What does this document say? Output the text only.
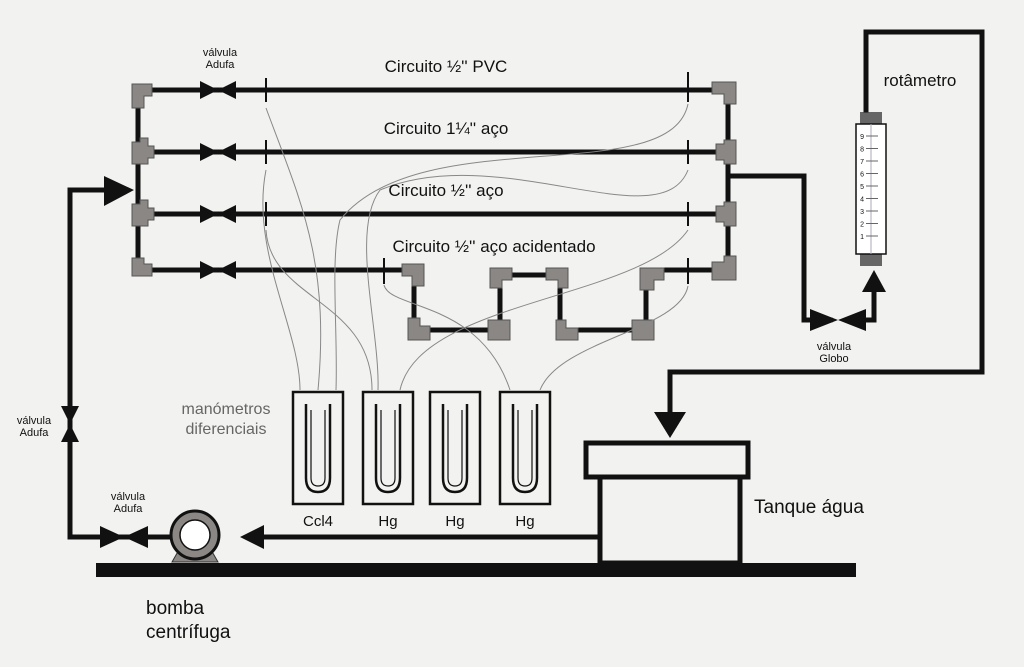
9
8
7
6
5
4
3
2
1
Ccl4	Hg	Hg	Hg
Circuito ½'' PVC
Circuito 1¼'' aço
Circuito ½'' aço
Circuito ½'' aço acidentado
válvula
Adufa
válvula
Adufa
válvula
Adufa
válvula
Globo
rotâmetro
manómetros
diferenciais
Tanque água
bomba
centrífuga
